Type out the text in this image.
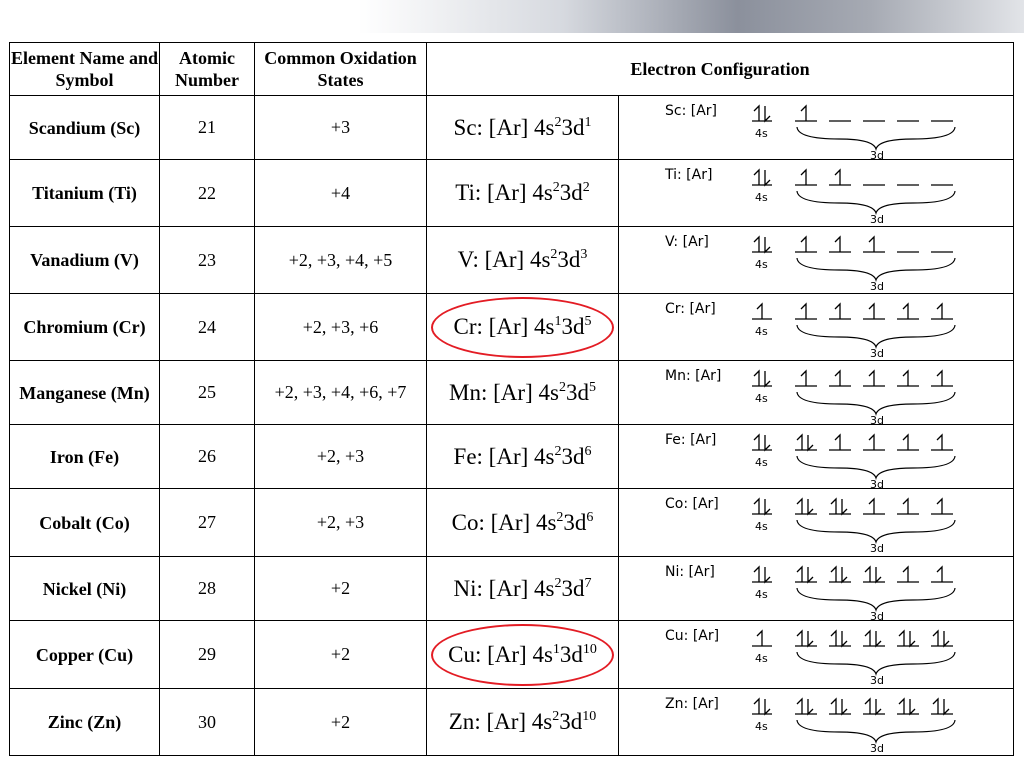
Element Name and Symbol	Atomic Number	Common Oxidation States	Electron Configuration	
Scandium (Sc)	21	+3	Sc: [Ar] $4s^23d^1$	Sc: [Ar]
4s
3d

Titanium (Ti)	22	+4	Ti: [Ar] $4s^23d^2$	Ti: [Ar]
4s
3d

Vanadium (V)	23	+2, +3, +4, +5	V: [Ar] $4s^23d^3$	V: [Ar]
4s
3d

Chromium (Cr)	24	+2, +3, +6	Cr: [Ar] $4s^13d^5$	Cr: [Ar]
4s
3d

Manganese (Mn)	25	+2, +3, +4, +6, +7	Mn: [Ar] $4s^23d^5$	Mn: [Ar]
4s
3d

Iron (Fe)	26	+2, +3	Fe: [Ar] $4s^23d^6$	Fe: [Ar]
4s
3d

Cobalt (Co)	27	+2, +3	Co: [Ar] $4s^23d^6$	Co: [Ar]
4s
3d

Nickel (Ni)	28	+2	Ni: [Ar] $4s^23d^7$	Ni: [Ar]
4s
3d

Copper (Cu)	29	+2	Cu: [Ar] $4s^13d^{10}$	Cu: [Ar]
4s
3d

Zinc (Zn)	30	+2	Zn: [Ar] $4s^23d^{10}$	Zn: [Ar]
4s
3d
